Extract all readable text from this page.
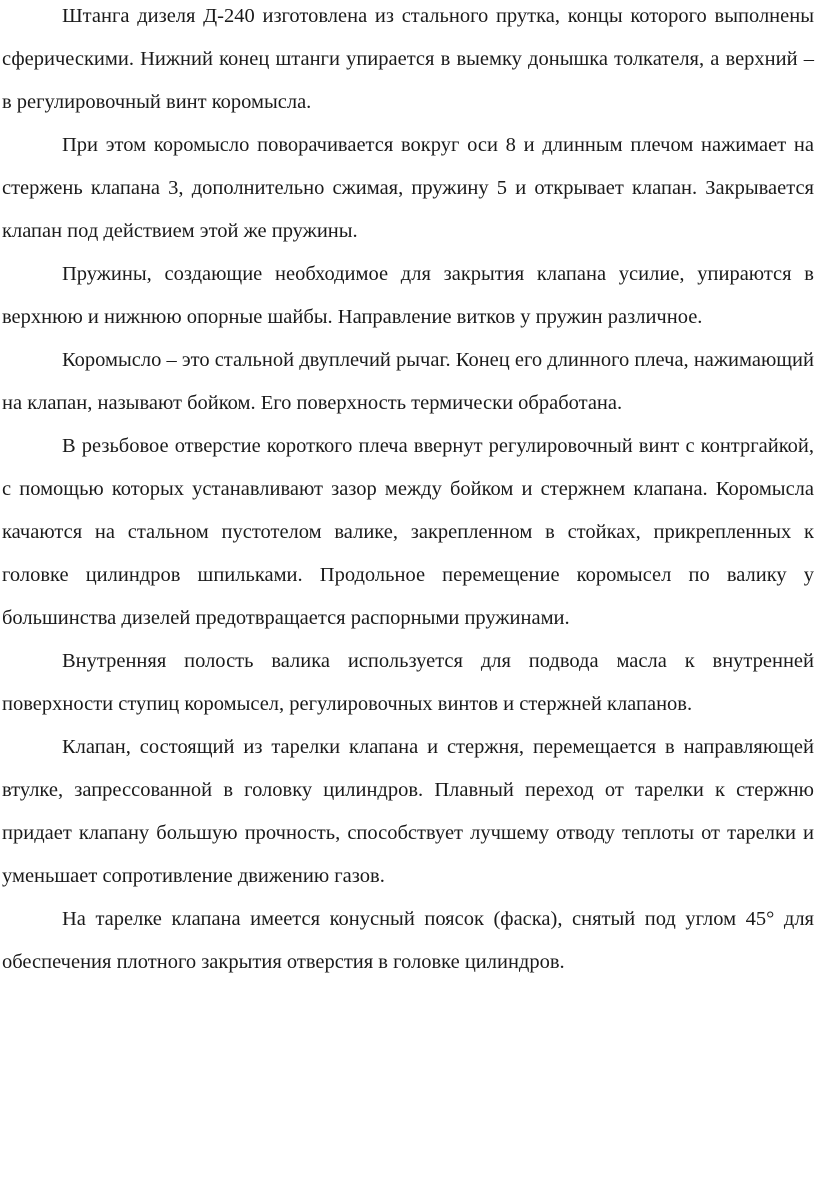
Штанга дизеля Д-240 изготовлена из стального прутка, концы которого выполнены сферическими. Нижний конец штанги упирается в выемку донышка толкателя, а верхний – в регулировочный винт коромысла.

При этом коромысло поворачивается вокруг оси 8 и длинным плечом нажимает на стержень клапана 3, дополнительно сжимая, пружину 5 и открывает клапан. Закрывается клапан под действием этой же пружины.

Пружины, создающие необходимое для закрытия клапана усилие, упираются в верхнюю и нижнюю опорные шайбы. Направление витков у пружин различное.

Коромысло – это стальной двуплечий рычаг. Конец его длинного плеча, нажимающий на клапан, называют бойком. Его поверхность термически обработана.

В резьбовое отверстие короткого плеча ввернут регулировочный винт с контргайкой, с помощью которых устанавливают зазор между бойком и стержнем клапана. Коромысла качаются на стальном пустотелом валике, закрепленном в стойках, прикрепленных к головке цилиндров шпильками. Продольное перемещение коромысел по валику у большинства дизелей предотвращается распорными пружинами.

Внутренняя полость валика используется для подвода масла к внутренней поверхности ступиц коромысел, регулировочных винтов и стержней клапанов.

Клапан, состоящий из тарелки клапана и стержня, перемещается в направляющей втулке, запрессованной в головку цилиндров. Плавный переход от тарелки к стержню придает клапану большую прочность, способствует лучшему отводу теплоты от тарелки и уменьшает сопротивление движению газов.

На тарелке клапана имеется конусный поясок (фаска), снятый под углом 45° для обеспечения плотного закрытия отверстия в головке цилиндров.
